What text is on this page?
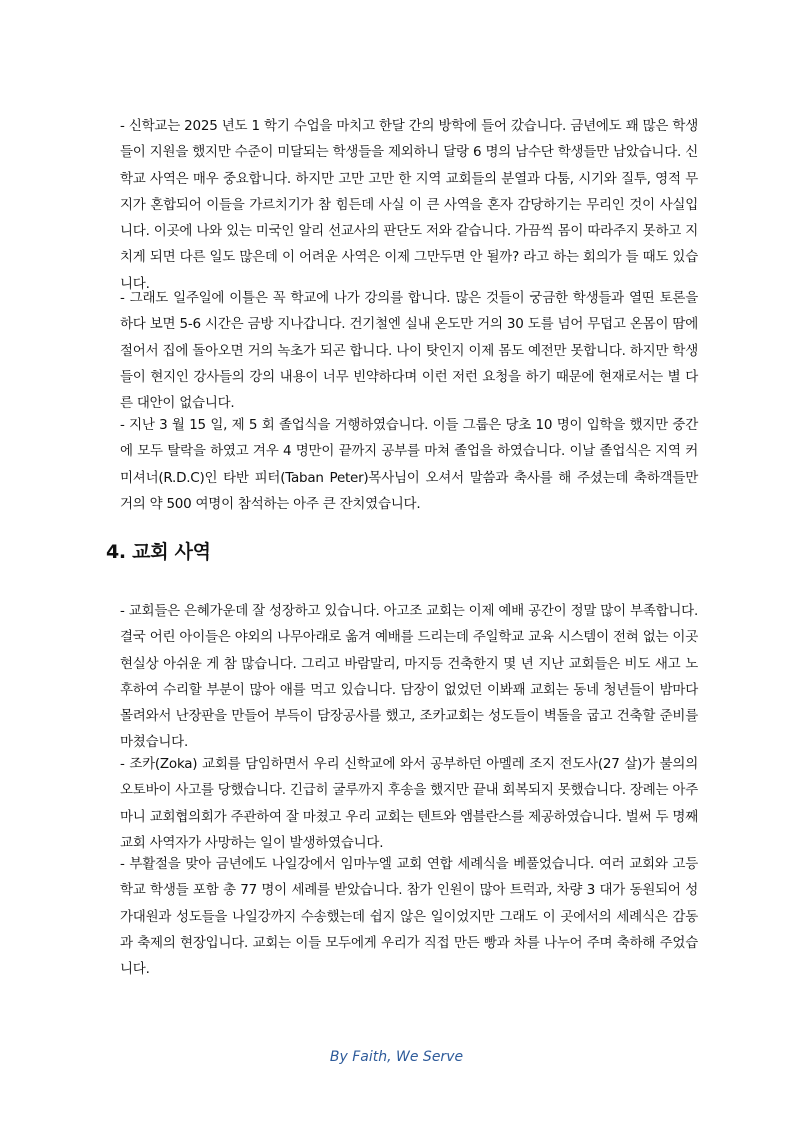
- 신학교는 2025 년도 1 학기 수업을 마치고 한달 간의 방학에 들어 갔습니다. 금년에도 꽤 많은 학생들이 지원을 했지만 수준이 미달되는 학생들을 제외하니 달랑 6 명의 남수단 학생들만 남았습니다. 신학교 사역은 매우 중요합니다. 하지만 고만 고만 한 지역 교회들의 분열과 다툼, 시기와 질투, 영적 무지가 혼합되어 이들을 가르치기가 참 힘든데 사실 이 큰 사역을 혼자 감당하기는 무리인 것이 사실입니다. 이곳에 나와 있는 미국인 알리 선교사의 판단도 저와 같습니다. 가끔씩 몸이 따라주지 못하고 지치게 되면 다른 일도 많은데 이 어려운 사역은 이제 그만두면 안 될까? 라고 하는 회의가 들 때도 있습니다.

- 그래도 일주일에 이틀은 꼭 학교에 나가 강의를 합니다. 많은 것들이 궁금한 학생들과 열띤 토론을 하다 보면 5-6 시간은 금방 지나갑니다. 건기철엔 실내 온도만 거의 30 도를 넘어 무덥고 온몸이 땀에 절어서 집에 돌아오면 거의 녹초가 되곤 합니다. 나이 탓인지 이제 몸도 예전만 못합니다. 하지만 학생들이 현지인 강사들의 강의 내용이 너무 빈약하다며 이런 저런 요청을 하기 때문에 현재로서는 별 다른 대안이 없습니다.

- 지난 3 월 15 일, 제 5 회 졸업식을 거행하였습니다. 이들 그룹은 당초 10 명이 입학을 했지만 중간에 모두 탈락을 하였고 겨우 4 명만이 끝까지 공부를 마쳐 졸업을 하였습니다. 이날 졸업식은 지역 커미셔너(R.D.C)인 타반 피터(Taban Peter)목사님이 오셔서 말씀과 축사를 해 주셨는데 축하객들만 거의 약 500 여명이 참석하는 아주 큰 잔치였습니다.

4. 교회 사역

- 교회들은 은혜가운데 잘 성장하고 있습니다. 아고조 교회는 이제 예배 공간이 정말 많이 부족합니다. 결국 어린 아이들은 야외의 나무아래로 옮겨 예배를 드리는데 주일학교 교육 시스템이 전혀 없는 이곳 현실상 아쉬운 게 참 많습니다. 그리고 바람말리, 마지등 건축한지 몇 년 지난 교회들은 비도 새고 노후하여 수리할 부분이 많아 애를 먹고 있습니다. 담장이 없었던 이봐꽤 교회는 동네 청년들이 밤마다 몰려와서 난장판을 만들어 부득이 담장공사를 했고, 조카교회는 성도들이 벽돌을 굽고 건축할 준비를 마쳤습니다.

- 조카(Zoka) 교회를 담임하면서 우리 신학교에 와서 공부하던 아멜레 조지 전도사(27 살)가 불의의 오토바이 사고를 당했습니다. 긴급히 굴루까지 후송을 했지만 끝내 회복되지 못했습니다. 장례는 아주마니 교회협의회가 주관하여 잘 마쳤고 우리 교회는 텐트와 앰블란스를 제공하였습니다. 벌써 두 명째 교회 사역자가 사망하는 일이 발생하였습니다.

- 부활절을 맞아 금년에도 나일강에서 임마누엘 교회 연합 세례식을 베풀었습니다. 여러 교회와 고등학교 학생들 포함 총 77 명이 세례를 받았습니다. 참가 인원이 많아 트럭과, 차량 3 대가 동원되어 성가대원과 성도들을 나일강까지 수송했는데 쉽지 않은 일이었지만 그래도 이 곳에서의 세례식은 감동과 축제의 현장입니다. 교회는 이들 모두에게 우리가 직접 만든 빵과 차를 나누어 주며 축하해 주었습니다.

By Faith, We Serve
